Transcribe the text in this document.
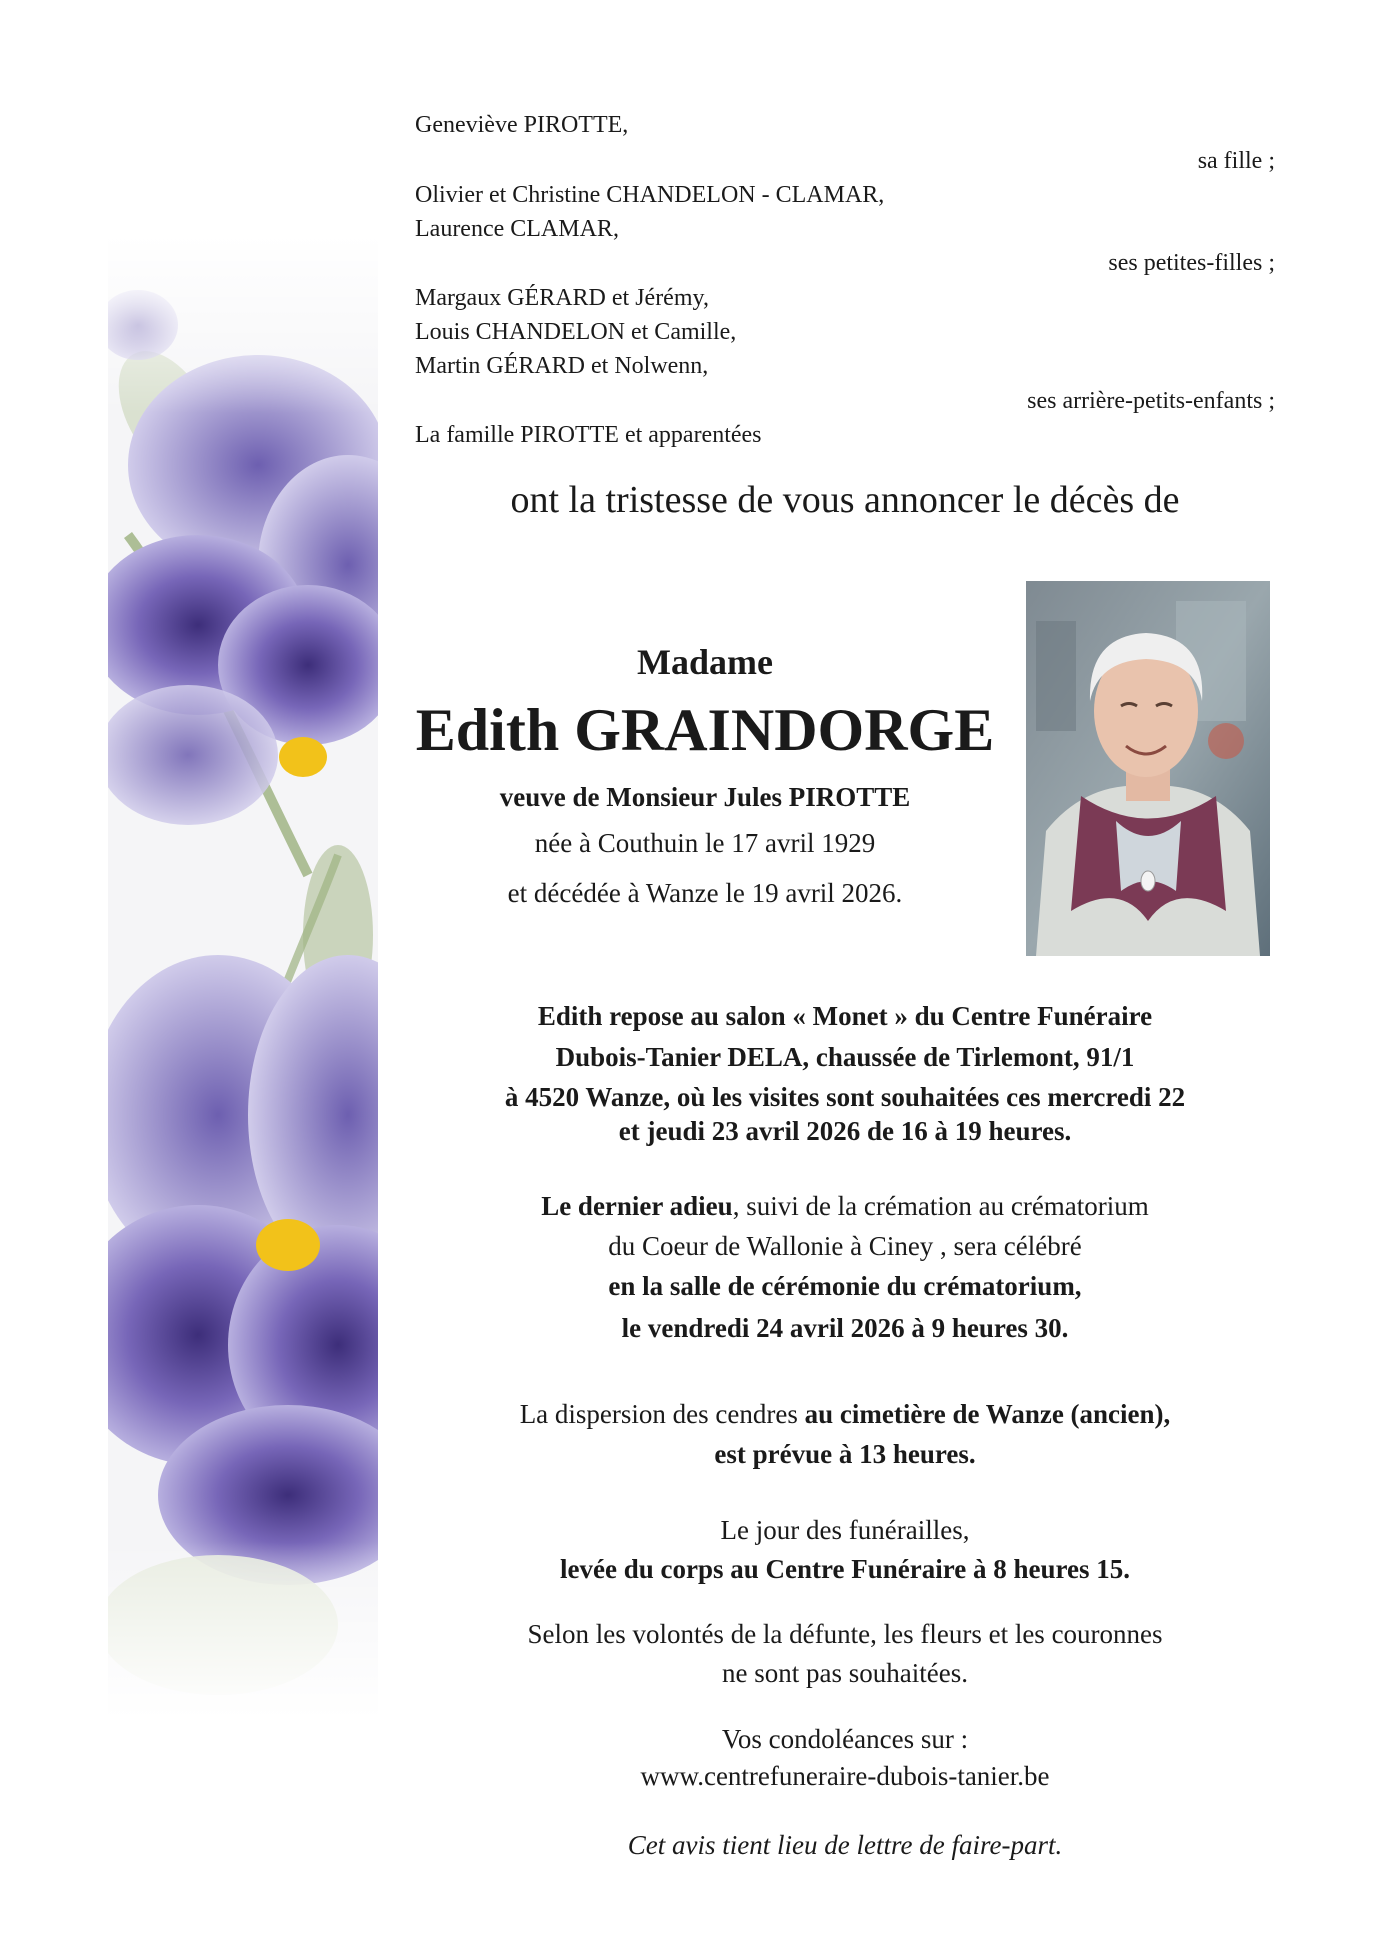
Geneviève PIROTTE,

sa fille ;

Olivier et Christine CHANDELON - CLAMAR,

Laurence CLAMAR,

ses petites-filles ;

Margaux GÉRARD et Jérémy,

Louis CHANDELON et Camille,

Martin GÉRARD et Nolwenn,

ses arrière-petits-enfants ;

La famille PIROTTE et apparentées

ont la tristesse de vous annoncer le décès de

Madame

Edith GRAINDORGE

veuve de Monsieur Jules PIROTTE

née à Couthuin le 17 avril 1929

et décédée à Wanze le 19 avril 2026.

Edith repose au salon « Monet » du Centre Funéraire

Dubois-Tanier DELA, chaussée de Tirlemont, 91/1

à 4520 Wanze, où les visites sont souhaitées ces mercredi 22

et jeudi 23 avril 2026 de 16 à 19 heures.

Le dernier adieu, suivi de la crémation au crématorium

du Coeur de Wallonie à Ciney , sera célébré

en la salle de cérémonie du crématorium,

le vendredi 24 avril 2026 à 9 heures 30.

La dispersion des cendres au cimetière de Wanze (ancien),

est prévue à 13 heures.

Le jour des funérailles,

levée du corps au Centre Funéraire à 8 heures 15.

Selon les volontés de la défunte, les fleurs et les couronnes

ne sont pas souhaitées.

Vos condoléances sur :

www.centrefuneraire-dubois-tanier.be

Cet avis tient lieu de lettre de faire-part.
